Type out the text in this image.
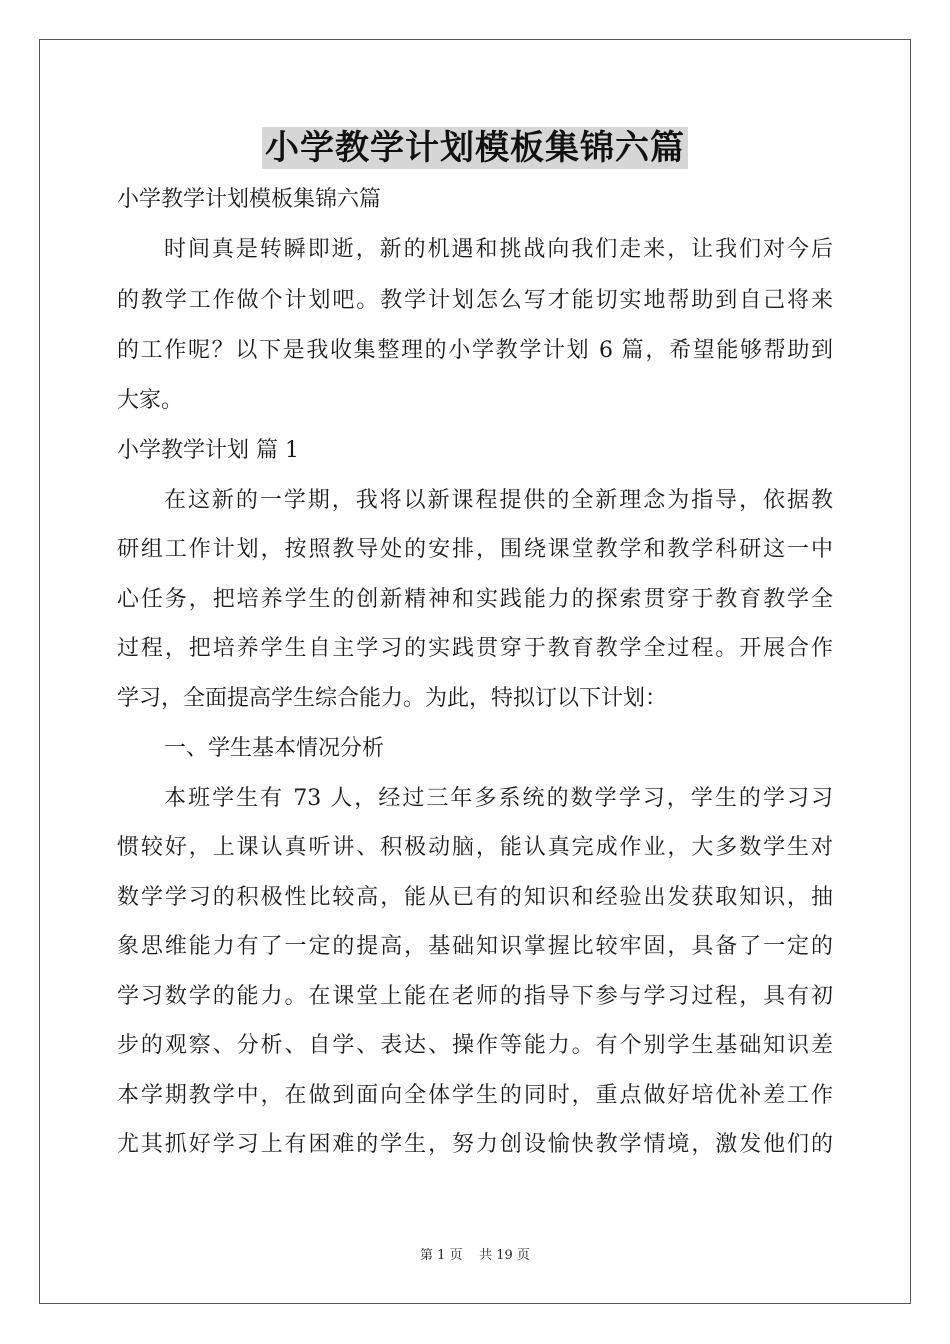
小学教学计划模板集锦六篇
小学教学计划模板集锦六篇
时间真是转瞬即逝，新的机遇和挑战向我们走来，让我们对今后
的教学工作做个计划吧。教学计划怎么写才能切实地帮助到自己将来
的工作呢？以下是我收集整理的小学教学计划 6 篇，希望能够帮助到
大家。
小学教学计划 篇 1
在这新的一学期，我将以新课程提供的全新理念为指导，依据教
研组工作计划，按照教导处的安排，围绕课堂教学和教学科研这一中
心任务，把培养学生的创新精神和实践能力的探索贯穿于教育教学全
过程，把培养学生自主学习的实践贯穿于教育教学全过程。开展合作
学习，全面提高学生综合能力。为此，特拟订以下计划：
一、学生基本情况分析
本班学生有 73 人，经过三年多系统的数学学习，学生的学习习
惯较好，上课认真听讲、积极动脑，能认真完成作业，大多数学生对
数学学习的积极性比较高，能从已有的知识和经验出发获取知识，抽
象思维能力有了一定的提高，基础知识掌握比较牢固，具备了一定的
学习数学的能力。在课堂上能在老师的指导下参与学习过程，具有初
步的观察、分析、自学、表达、操作等能力。有个别学生基础知识差
本学期教学中，在做到面向全体学生的同时，重点做好培优补差工作
尤其抓好学习上有困难的学生，努力创设愉快教学情境，激发他们的
第 1 页 共 19 页
